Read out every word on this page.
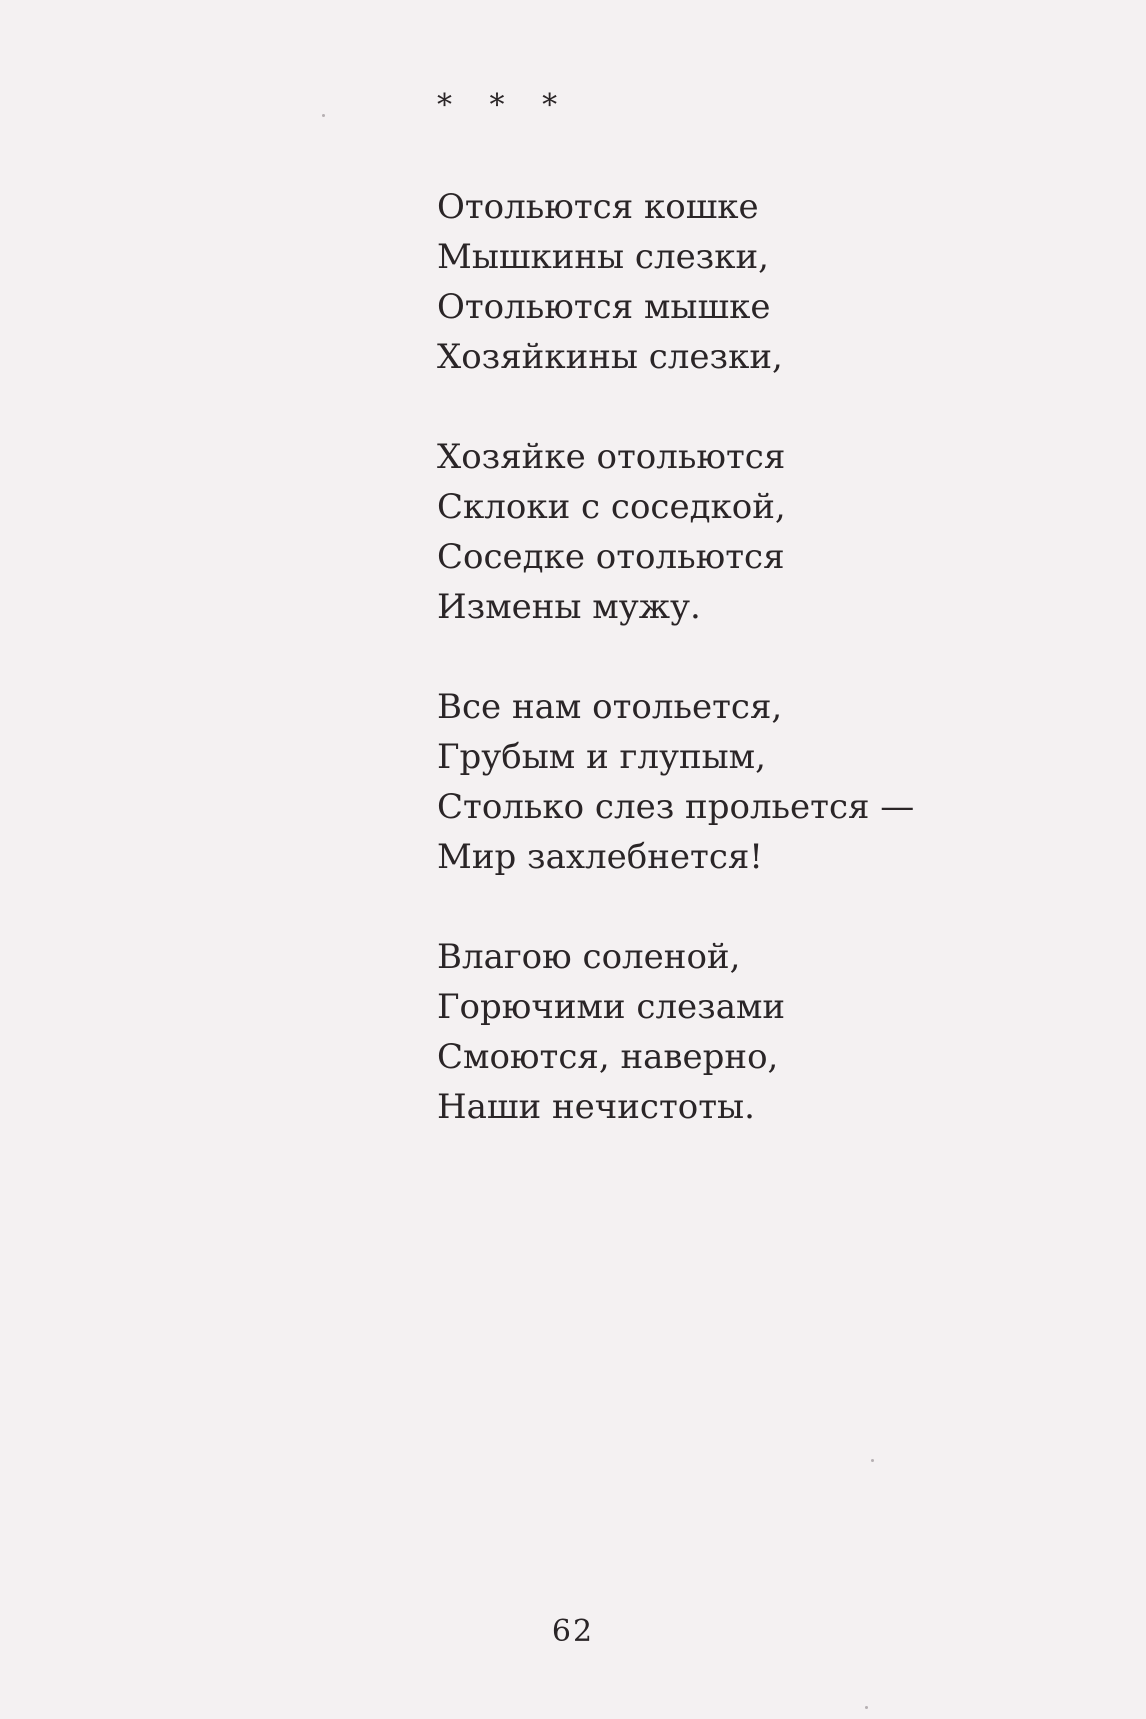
* * *
Отольются кошке
Мышкины слезки,
Отольются мышке
Хозяйкины слезки,
Хозяйке отольются
Склоки с соседкой,
Соседке отольются
Измены мужу.
Все нам отольется,
Грубым и глупым,
Столько слез прольется —
Мир захлебнется!
Влагою соленой,
Горючими слезами
Смоются, наверно,
Наши нечистоты.
62
